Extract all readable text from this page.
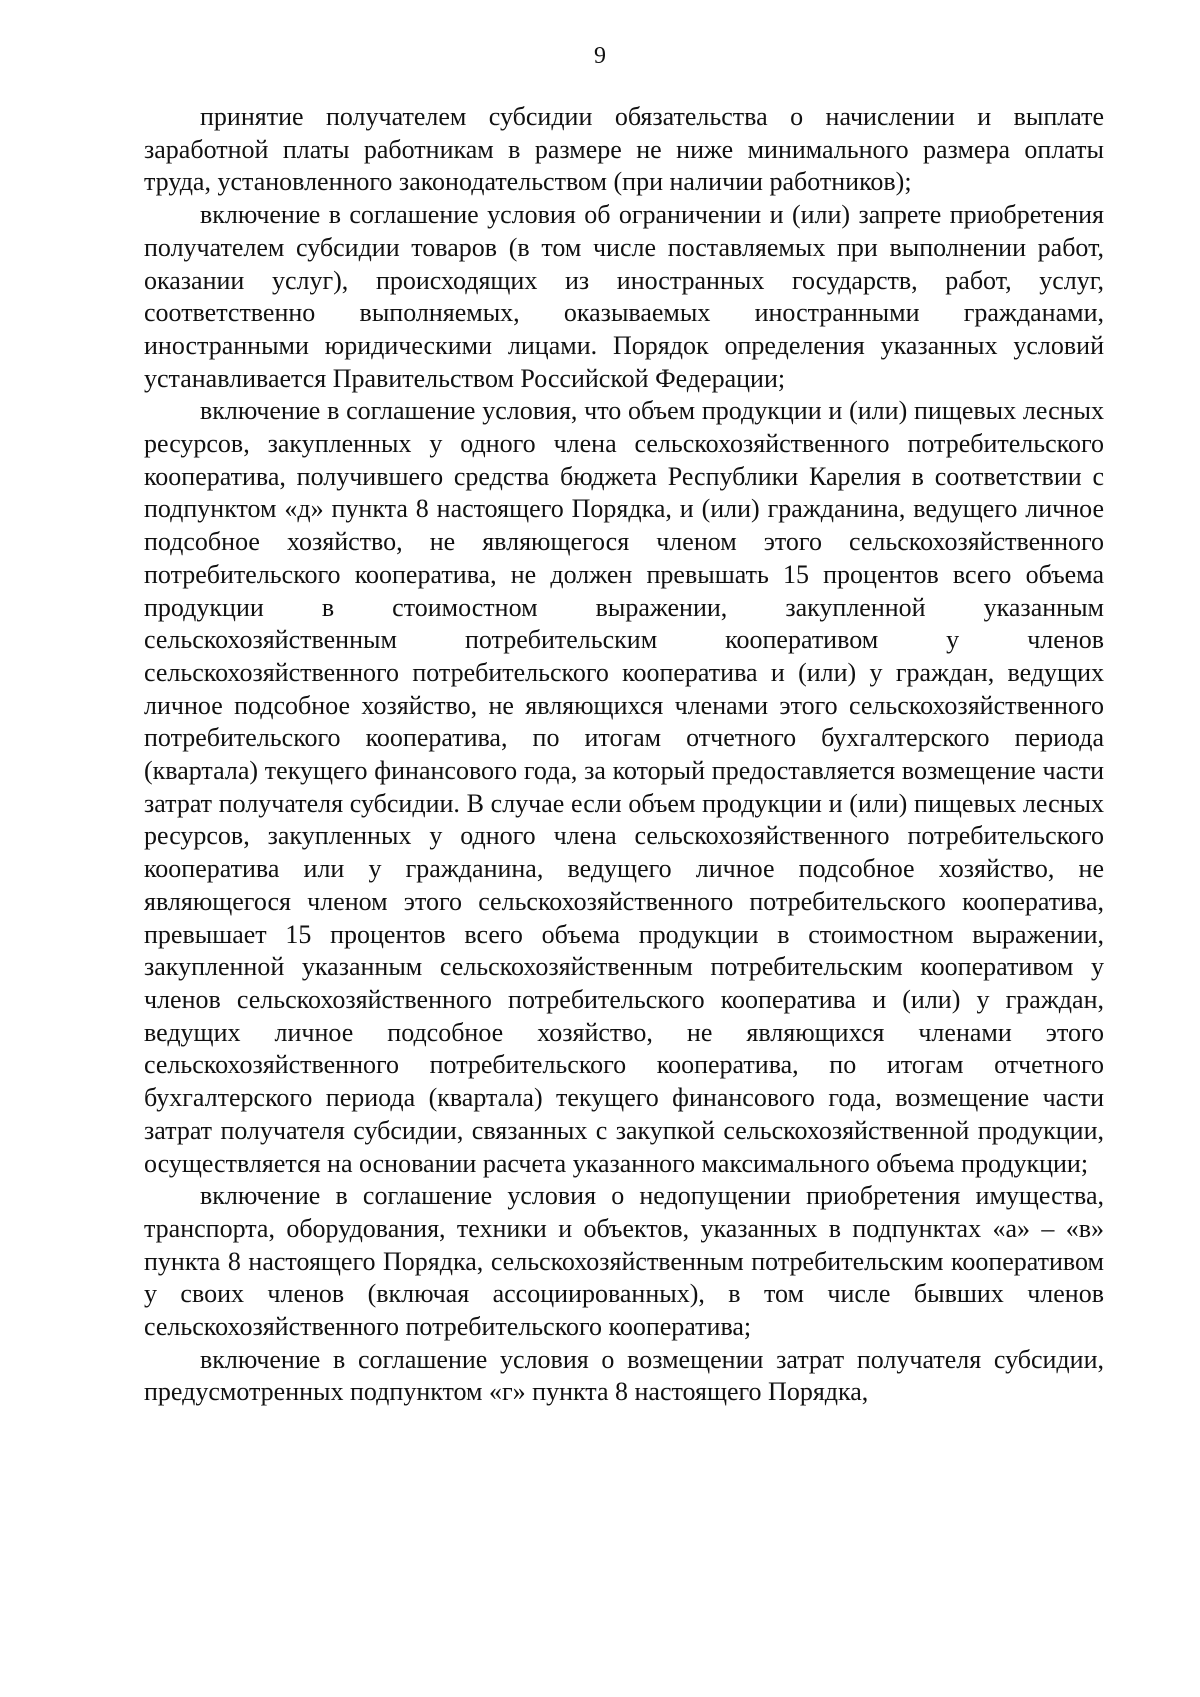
9

принятие получателем субсидии обязательства о начислении и выплате заработной платы работникам в размере не ниже минимального размера оплаты труда, установленного законодательством (при наличии работников);

включение в соглашение условия об ограничении и (или) запрете приобретения получателем субсидии товаров (в том числе поставляемых при выполнении работ, оказании услуг), происходящих из иностранных государств, работ, услуг, соответственно выполняемых, оказываемых иностранными гражданами, иностранными юридическими лицами. Порядок определения указанных условий устанавливается Правительством Российской Федерации;

включение в соглашение условия, что объем продукции и (или) пищевых лесных ресурсов, закупленных у одного члена сельскохозяйственного потребительского кооператива, получившего средства бюджета Республики Карелия в соответствии с подпунктом «д» пункта 8 настоящего Порядка, и (или) гражданина, ведущего личное подсобное хозяйство, не являющегося членом этого сельскохозяйственного потребительского кооператива, не должен превышать 15 процентов всего объема продукции в стоимостном выражении, закупленной указанным сельскохозяйственным потребительским кооперативом у членов сельскохозяйственного потребительского кооператива и (или) у граждан, ведущих личное подсобное хозяйство, не являющихся членами этого сельскохозяйственного потребительского кооператива, по итогам отчетного бухгалтерского периода (квартала) текущего финансового года, за который предоставляется возмещение части затрат получателя субсидии. В случае если объем продукции и (или) пищевых лесных ресурсов, закупленных у одного члена сельскохозяйственного потребительского кооператива или у гражданина, ведущего личное подсобное хозяйство, не являющегося членом этого сельскохозяйственного потребительского кооператива, превышает 15 процентов всего объема продукции в стоимостном выражении, закупленной указанным сельскохозяйственным потребительским кооперативом у членов сельскохозяйственного потребительского кооператива и (или) у граждан, ведущих личное подсобное хозяйство, не являющихся членами этого сельскохозяйственного потребительского кооператива, по итогам отчетного бухгалтерского периода (квартала) текущего финансового года, возмещение части затрат получателя субсидии, связанных с закупкой сельскохозяйственной продукции, осуществляется на основании расчета указанного максимального объема продукции;

включение в соглашение условия о недопущении приобретения имущества, транспорта, оборудования, техники и объектов, указанных в подпунктах «а» – «в» пункта 8 настоящего Порядка, сельскохозяйственным потребительским кооперативом у своих членов (включая ассоциированных), в том числе бывших членов сельскохозяйственного потребительского кооператива;

включение в соглашение условия о возмещении затрат получателя субсидии, предусмотренных подпунктом «г» пункта 8 настоящего Порядка,
